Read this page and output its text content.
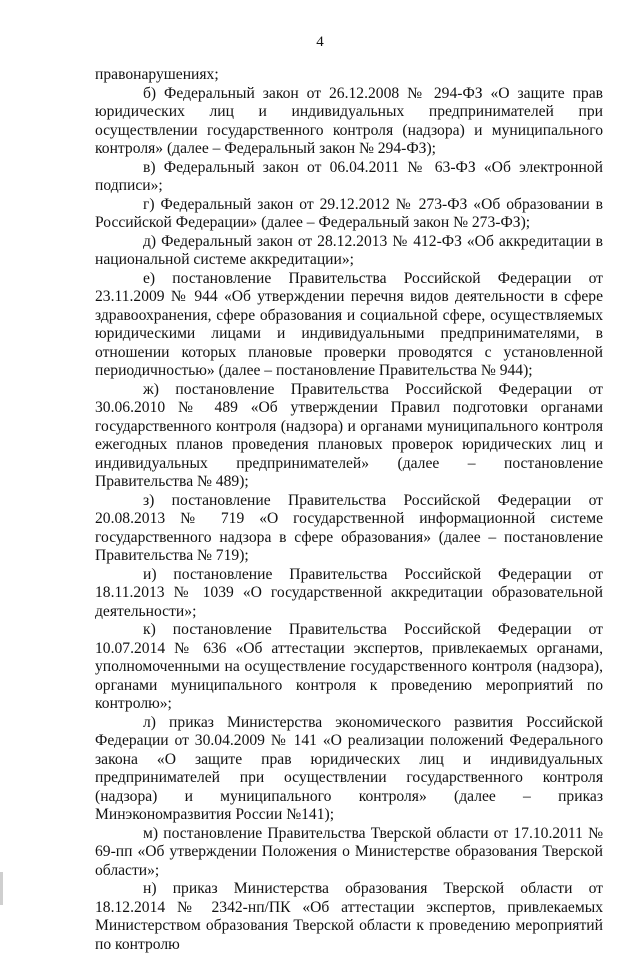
4

правонарушениях;

б) Федеральный закон от 26.12.2008 № 294-ФЗ «О защите прав юридических лиц и индивидуальных предпринимателей при осуществлении государственного контроля (надзора) и муниципального контроля» (далее – Федеральный закон № 294-ФЗ);

в) Федеральный закон от 06.04.2011 № 63-ФЗ «Об электронной подписи»;

г) Федеральный закон от 29.12.2012 № 273-ФЗ «Об образовании в Российской Федерации» (далее – Федеральный закон № 273-ФЗ);

д) Федеральный закон от 28.12.2013 № 412-ФЗ «Об аккредитации в национальной системе аккредитации»;

е) постановление Правительства Российской Федерации от 23.11.2009 № 944 «Об утверждении перечня видов деятельности в сфере здравоохранения, сфере образования и социальной сфере, осуществляемых юридическими лицами и индивидуальными предпринимателями, в отношении которых плановые проверки проводятся с установленной периодичностью» (далее – постановление Правительства № 944);

ж) постановление Правительства Российской Федерации от 30.06.2010 № 489 «Об утверждении Правил подготовки органами государственного контроля (надзора) и органами муниципального контроля ежегодных планов проведения плановых проверок юридических лиц и индивидуальных предпринимателей» (далее – постановление Правительства № 489);

з) постановление Правительства Российской Федерации от 20.08.2013 № 719 «О государственной информационной системе государственного надзора в сфере образования» (далее – постановление Правительства № 719);

и) постановление Правительства Российской Федерации от 18.11.2013 № 1039 «О государственной аккредитации образовательной деятельности»;

к) постановление Правительства Российской Федерации от 10.07.2014 № 636 «Об аттестации экспертов, привлекаемых органами, уполномоченными на осуществление государственного контроля (надзора), органами муниципального контроля к проведению мероприятий по контролю»;

л) приказ Министерства экономического развития Российской Федерации от 30.04.2009 № 141 «О реализации положений Федерального закона «О защите прав юридических лиц и индивидуальных предпринимателей при осуществлении государственного контроля (надзора) и муниципального контроля» (далее – приказ Минэкономразвития России №141);

м) постановление Правительства Тверской области от 17.10.2011 № 69-пп «Об утверждении Положения о Министерстве образования Тверской области»;

н) приказ Министерства образования Тверской области от 18.12.2014 № 2342-нп/ПК «Об аттестации экспертов, привлекаемых Министерством образования Тверской области к проведению мероприятий по контролю
